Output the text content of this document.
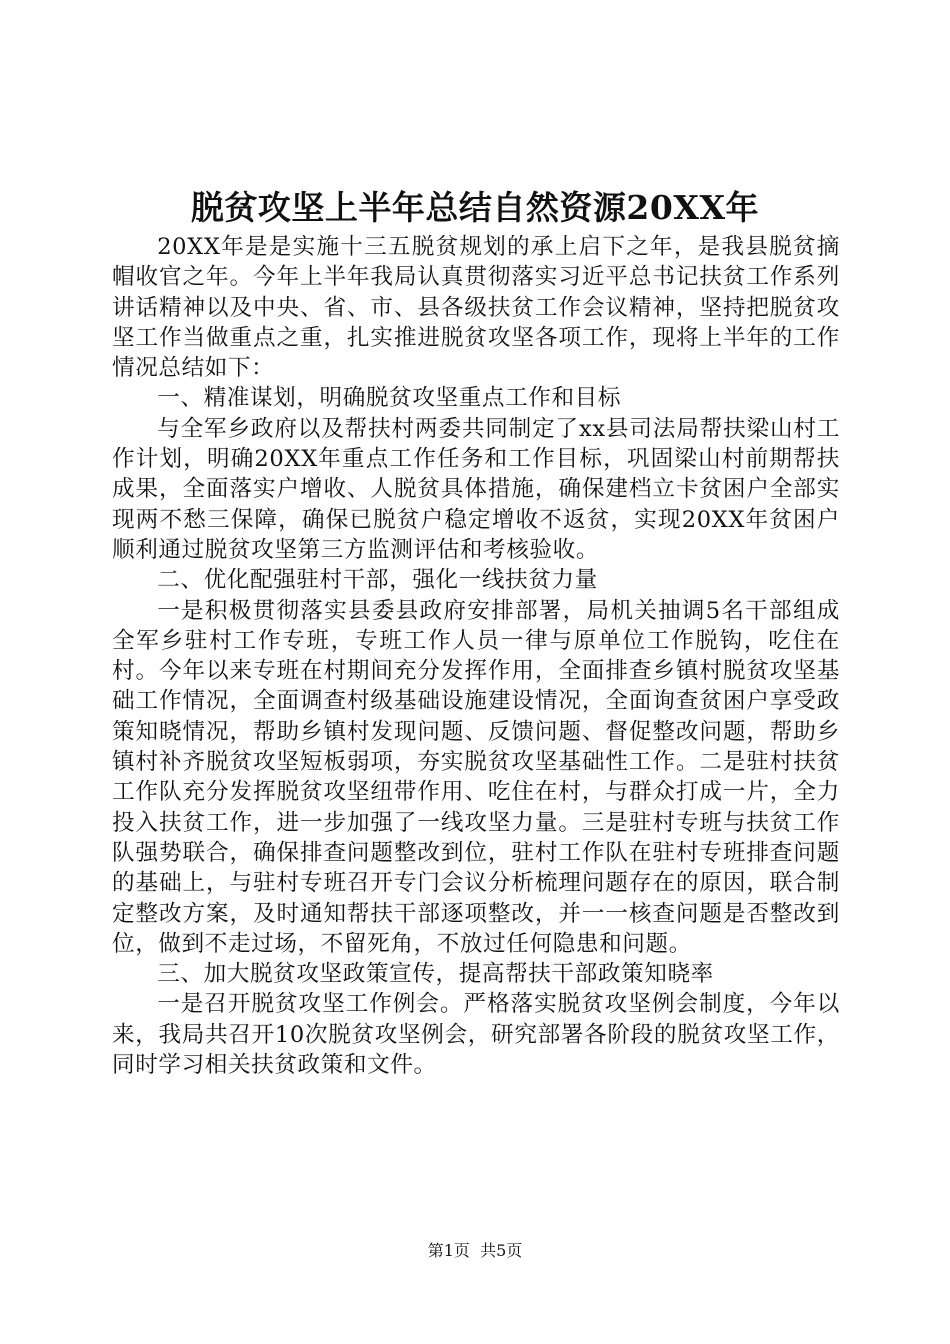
脱贫攻坚上半年总结自然资源20XX年

20XX年是是实施十三五脱贫规划的承上启下之年，是我县脱贫摘帽收官之年。今年上半年我局认真贯彻落实习近平总书记扶贫工作系列讲话精神以及中央、省、市、县各级扶贫工作会议精神，坚持把脱贫攻坚工作当做重点之重，扎实推进脱贫攻坚各项工作，现将上半年的工作情况总结如下：

一、精准谋划，明确脱贫攻坚重点工作和目标

与全军乡政府以及帮扶村两委共同制定了xx县司法局帮扶梁山村工作计划，明确20XX年重点工作任务和工作目标，巩固梁山村前期帮扶成果，全面落实户增收、人脱贫具体措施，确保建档立卡贫困户全部实现两不愁三保障，确保已脱贫户稳定增收不返贫，实现20XX年贫困户顺利通过脱贫攻坚第三方监测评估和考核验收。

二、优化配强驻村干部，强化一线扶贫力量

一是积极贯彻落实县委县政府安排部署，局机关抽调5名干部组成全军乡驻村工作专班，专班工作人员一律与原单位工作脱钩，吃住在村。今年以来专班在村期间充分发挥作用，全面排查乡镇村脱贫攻坚基础工作情况，全面调查村级基础设施建设情况，全面询查贫困户享受政策知晓情况，帮助乡镇村发现问题、反馈问题、督促整改问题，帮助乡镇村补齐脱贫攻坚短板弱项，夯实脱贫攻坚基础性工作。二是驻村扶贫工作队充分发挥脱贫攻坚纽带作用、吃住在村，与群众打成一片，全力投入扶贫工作，进一步加强了一线攻坚力量。三是驻村专班与扶贫工作队强势联合，确保排查问题整改到位，驻村工作队在驻村专班排查问题的基础上，与驻村专班召开专门会议分析梳理问题存在的原因，联合制定整改方案，及时通知帮扶干部逐项整改，并一一核查问题是否整改到位，做到不走过场，不留死角，不放过任何隐患和问题。

三、加大脱贫攻坚政策宣传，提高帮扶干部政策知晓率

一是召开脱贫攻坚工作例会。严格落实脱贫攻坚例会制度，今年以来，我局共召开10次脱贫攻坚例会，研究部署各阶段的脱贫攻坚工作，同时学习相关扶贫政策和文件。

第1页 共5页
